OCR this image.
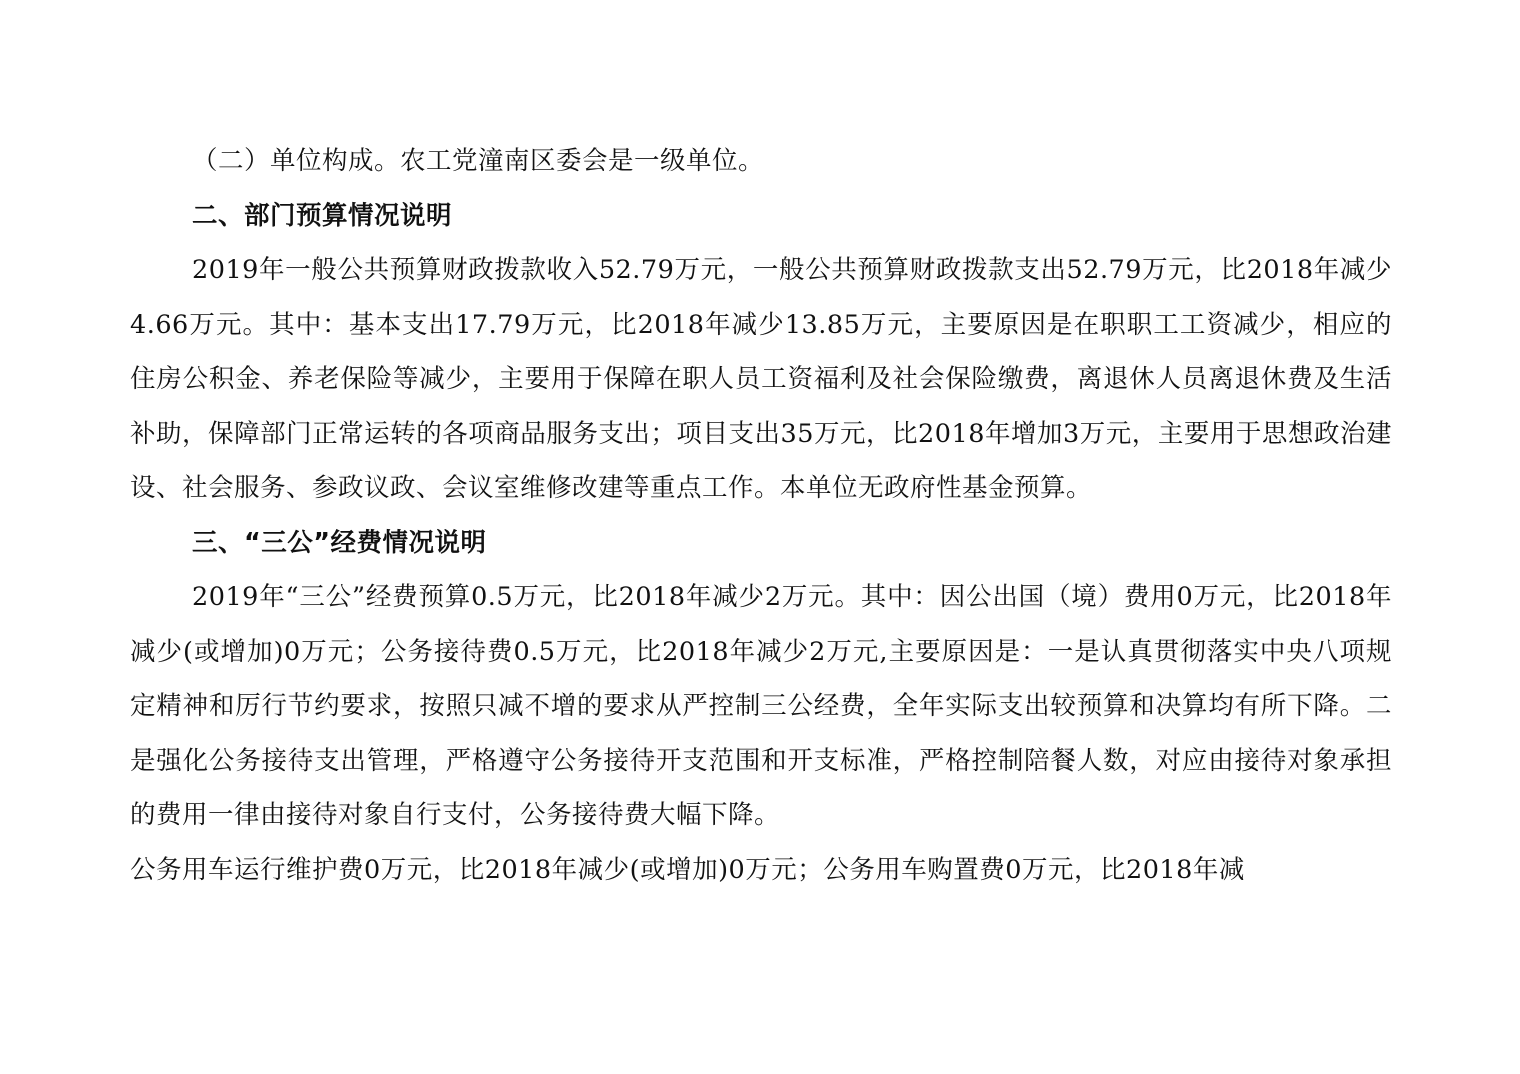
（二）单位构成。农工党潼南区委会是一级单位。

二、部门预算情况说明

2019年一般公共预算财政拨款收入52.79万元，一般公共预算财政拨款支出52.79万元，比2018年减少4.66万元。其中：基本支出17.79万元，比2018年减少13.85万元，主要原因是在职职工工资减少，相应的住房公积金、养老保险等减少，主要用于保障在职人员工资福利及社会保险缴费，离退休人员离退休费及生活补助，保障部门正常运转的各项商品服务支出；项目支出35万元，比2018年增加3万元，主要用于思想政治建设、社会服务、参政议政、会议室维修改建等重点工作。本单位无政府性基金预算。

三、“三公”经费情况说明

2019年“三公”经费预算0.5万元，比2018年减少2万元。其中：因公出国（境）费用0万元，比2018年减少(或增加)0万元；公务接待费0.5万元，比2018年减少2万元,主要原因是：一是认真贯彻落实中央八项规定精神和厉行节约要求，按照只减不增的要求从严控制三公经费，全年实际支出较预算和决算均有所下降。二是强化公务接待支出管理，严格遵守公务接待开支范围和开支标准，严格控制陪餐人数，对应由接待对象承担的费用一律由接待对象自行支付，公务接待费大幅下降。

公务用车运行维护费0万元，比2018年减少(或增加)0万元；公务用车购置费0万元，比2018年减
